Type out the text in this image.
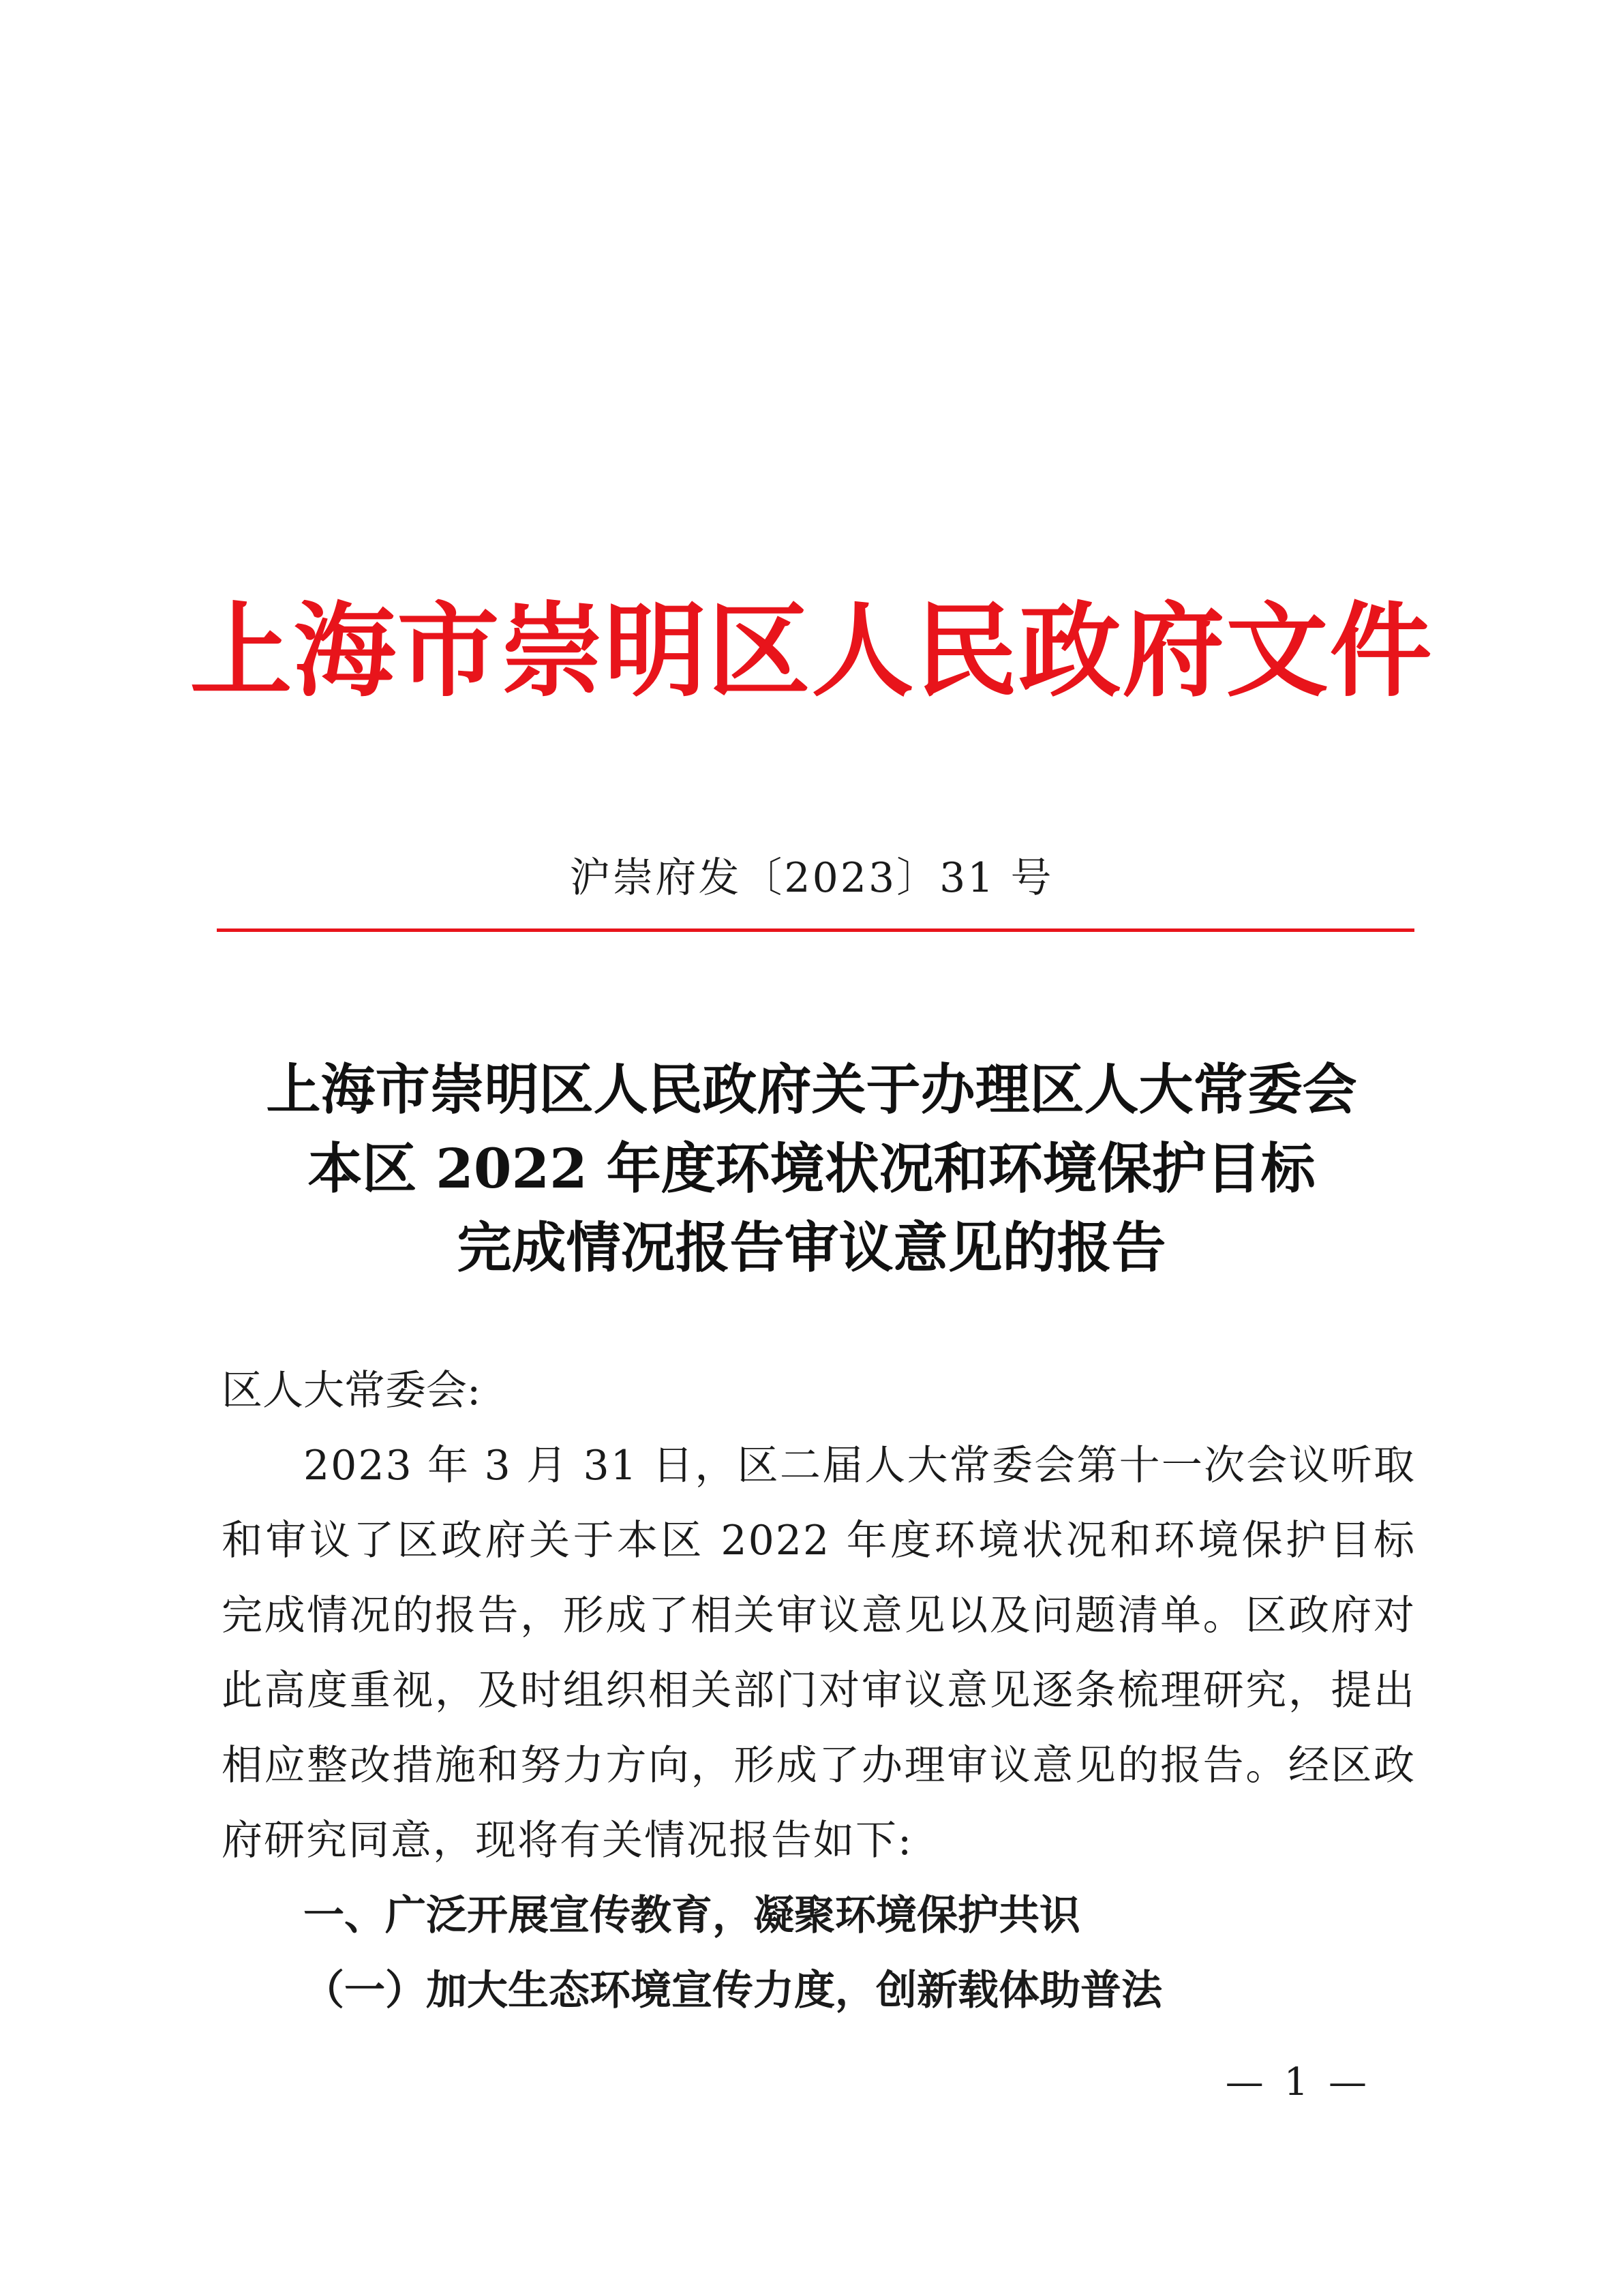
上海市崇明区人民政府文件
沪崇府发〔2023〕31 号
上海市崇明区人民政府关于办理区人大常委会
本区 2022 年度环境状况和环境保护目标
完成情况报告审议意见的报告
区人大常委会:
2023 年 3 月 31 日，区二届人大常委会第十一次会议听取和审议了区政府关于本区 2022 年度环境状况和环境保护目标完成情况的报告，形成了相关审议意见以及问题清单。区政府对此高度重视，及时组织相关部门对审议意见逐条梳理研究，提出相应整改措施和努力方向，形成了办理审议意见的报告。经区政府研究同意，现将有关情况报告如下:
一、广泛开展宣传教育，凝聚环境保护共识
（一）加大生态环境宣传力度，创新载体助普法
— 1 —
